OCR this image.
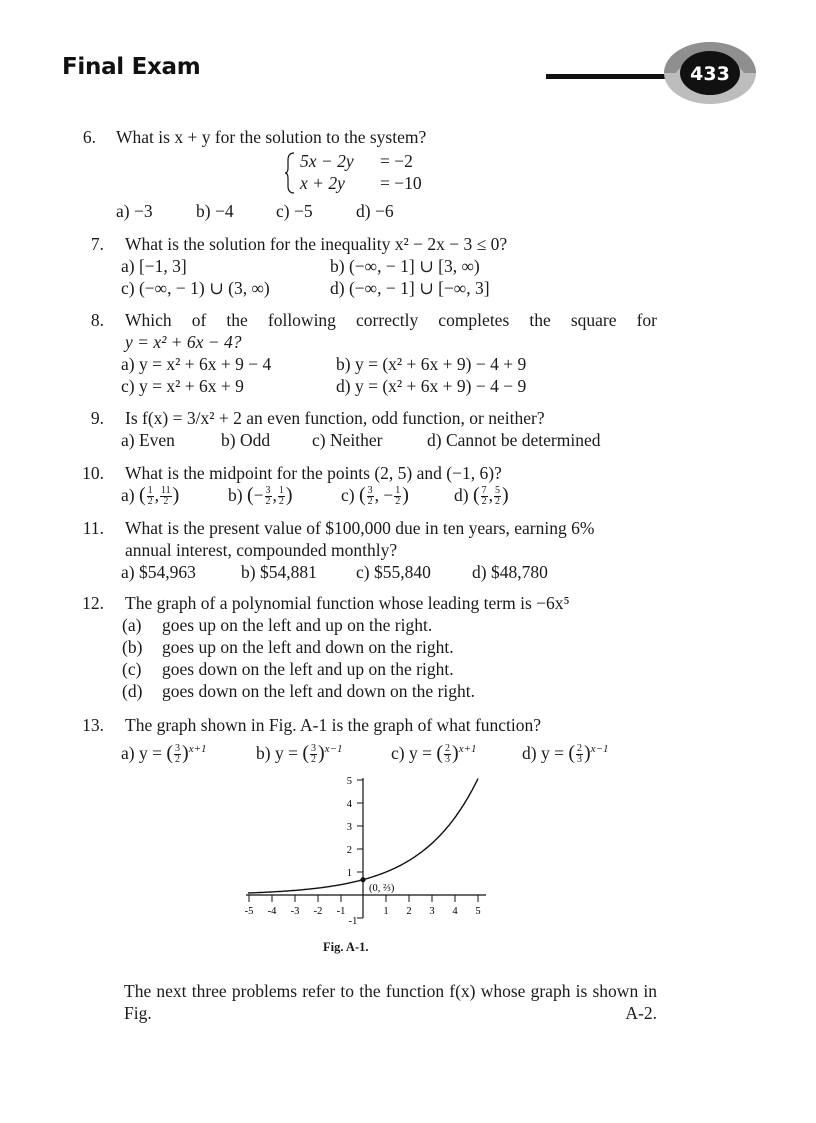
Final Exam	433
6. What is x + y for the solution to the system?
5x − 2y = −2
x + 2y = −10
a) −3 b) −4 c) −5 d) −6
7. What is the solution for the inequality x² − 2x − 3 ≤ 0?
a) [−1, 3]	b) (−∞, − 1] ∪ [3, ∞)
c) (−∞, − 1) ∪ (3, ∞)	d) (−∞, − 1] ∪ [−∞, 3]
8. Which of the following correctly completes the square for
y = x² + 6x − 4?
a) y = x² + 6x + 9 − 4	b) y = (x² + 6x + 9) − 4 + 9
c) y = x² + 6x + 9	d) y = (x² + 6x + 9) − 4 − 9
9. Is f(x) = 3/x² + 2 an even function, odd function, or neither?
a) Even	b) Odd c) Neither	d) Cannot be determined
10. What is the midpoint for the points (2, 5) and (−1, 6)?
a) ( $\frac{1}{2}$ , $\frac{11}{2}$ )	b) (− $\frac{3}{2}$ , $\frac{1}{2}$ )	c) ( $\frac{3}{2}$ , − $\frac{1}{2}$ )	d) ( $\frac{7}{2}$ , $\frac{5}{2}$ )
11. What is the present value of $100,000 due in ten years, earning 6%
annual interest, compounded monthly?
a) $54,963	b) $54,881 c) $55,840 d) $48,780
12. The graph of a polynomial function whose leading term is −6x⁵
(a) goes up on the left and up on the right.
(b) goes up on the left and down on the right.
(c) goes down on the left and up on the right.
(d) goes down on the left and down on the right.
13. The graph shown in Fig. A-1 is the graph of what function?
a) y = ( $\frac{3}{2} )^{x+1}$	b) y = ( $\frac{3}{2} )^{x-1}$	c) y = ( $\frac{2}{3} )^{x+1}$	d) y = ( $\frac{2}{3} )^{x-1}$
-5 -4 -3 -2 -1	1 2 3 4 5
-1
5
4
3
2
1
(0, ⅔)
Fig. A-1.
The next three problems refer to the function f(x) whose graph is shown in Fig. A-2.
